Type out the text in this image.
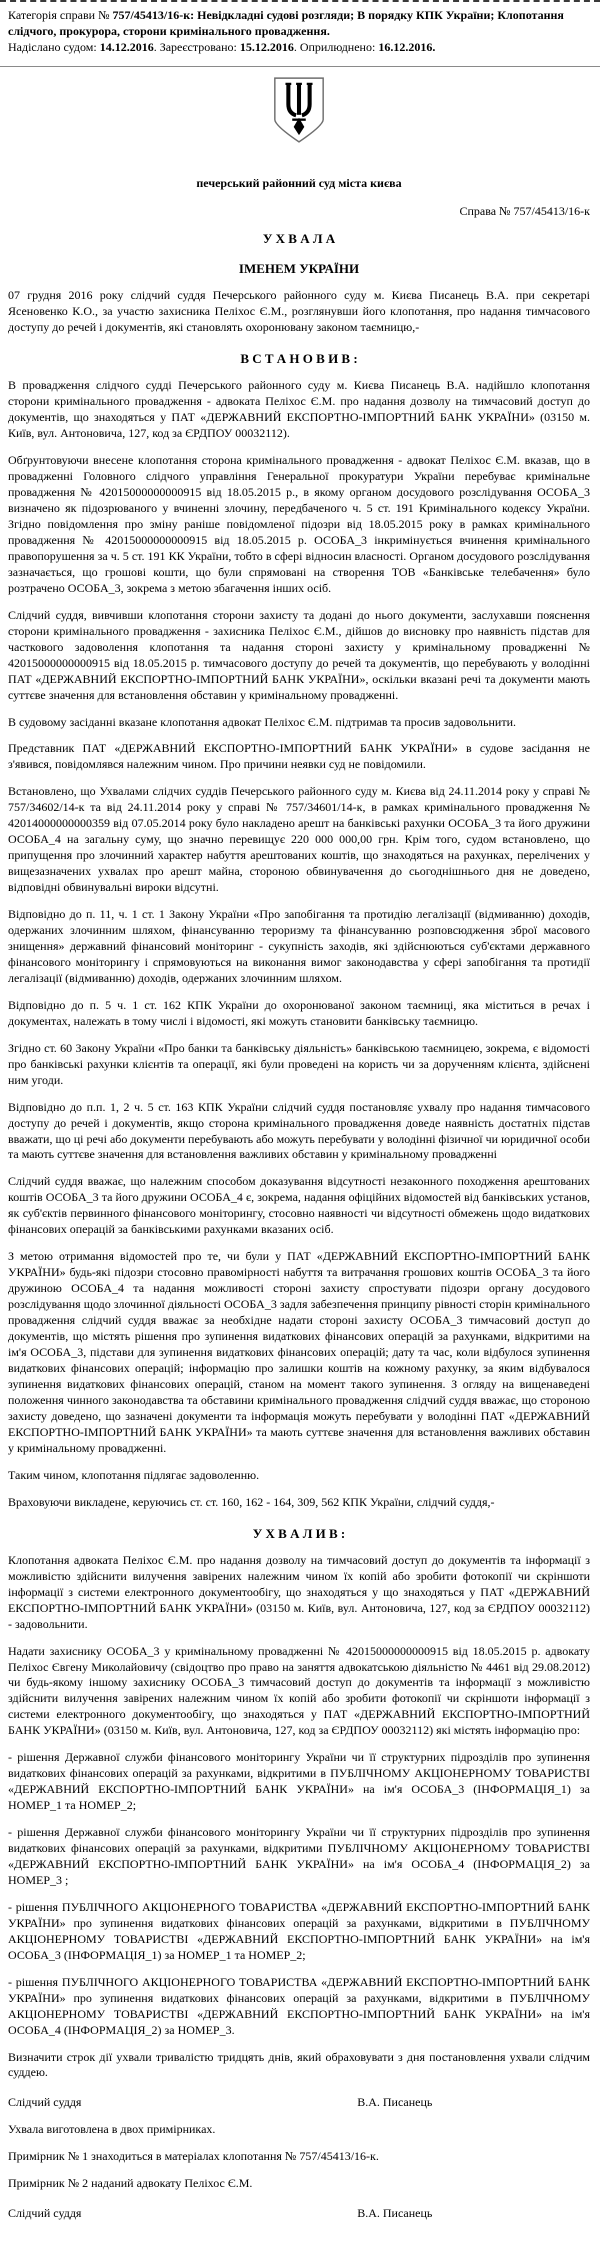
Категорія справи № 757/45413/16-к: Невідкладні судові розгляди; В порядку КПК України; Клопотання слідчого, прокурора, сторони кримінального провадження.

Надіслано судом: 14.12.2016. Зареєстровано: 15.12.2016. Оприлюднено: 16.12.2016.

печерський районний суд міста києва

Справа № 757/45413/16-к

У Х В А Л А

ІМЕНЕМ УКРАЇНИ

07 грудня 2016 року слідчий суддя Печерського районного суду м. Києва Писанець В.А. при секретарі Ясеновенко К.О., за участю захисника Пеліхос Є.М., розглянувши його клопотання, про надання тимчасового доступу до речей і документів, які становлять охоронювану законом таємницю,-

В С Т А Н О В И В :

В провадження слідчого судді Печерського районного суду м. Києва Писанець В.А. надійшло клопотання сторони кримінального провадження - адвоката Пеліхос Є.М. про надання дозволу на тимчасовий доступ до документів, що знаходяться у ПАТ «ДЕРЖАВНИЙ ЕКСПОРТНО-ІМПОРТНИЙ БАНК УКРАЇНИ» (03150 м. Київ, вул. Антоновича, 127, код за ЄРДПОУ 00032112).

Обґрунтовуючи внесене клопотання сторона кримінального провадження - адвокат Пеліхос Є.М. вказав, що в провадженні Головного слідчого управління Генеральної прокуратури України перебуває кримінальне провадження № 42015000000000915 від 18.05.2015 р., в якому органом досудового розслідування ОСОБА_3 визначено як підозрюваного у вчиненні злочину, передбаченого ч. 5 ст. 191 Кримінального кодексу України. Згідно повідомлення про зміну раніше повідомленої підозри від 18.05.2015 року в рамках кримінального провадження № 42015000000000915 від 18.05.2015 р. ОСОБА_3 інкримінується вчинення кримінального правопорушення за ч. 5 ст. 191 КК України, тобто в сфері відносин власності. Органом досудового розслідування зазначається, що грошові кошти, що були спрямовані на створення ТОВ «Банківське телебачення» було розтрачено ОСОБА_3, зокрема з метою збагачення інших осіб.

Слідчий суддя, вивчивши клопотання сторони захисту та додані до нього документи, заслухавши пояснення сторони кримінального провадження - захисника Пеліхос Є.М., дійшов до висновку про наявність підстав для часткового задоволення клопотання та надання стороні захисту у кримінальному провадженні № 42015000000000915 від 18.05.2015 р. тимчасового доступу до речей та документів, що перебувають у володінні ПАТ «ДЕРЖАВНИЙ ЕКСПОРТНО-ІМПОРТНИЙ БАНК УКРАЇНИ», оскільки вказані речі та документи мають суттєве значення для встановлення обставин у кримінальному провадженні.

В судовому засіданні вказане клопотання адвокат Пеліхос Є.М. підтримав та просив задовольнити.

Представник ПАТ «ДЕРЖАВНИЙ ЕКСПОРТНО-ІМПОРТНИЙ БАНК УКРАЇНИ» в судове засідання не з'явився, повідомлявся належним чином. Про причини неявки суд не повідомили.

Встановлено, що Ухвалами слідчих суддів Печерського районного суду м. Києва від 24.11.2014 року у справі № 757/34602/14-к та від 24.11.2014 року у справі № 757/34601/14-к, в рамках кримінального провадження № 42014000000000359 від 07.05.2014 року було накладено арешт на банківські рахунки ОСОБА_3 та його дружини ОСОБА_4 на загальну суму, що значно перевищує 220 000 000,00 грн. Крім того, судом встановлено, що припущення про злочинний характер набуття арештованих коштів, що знаходяться на рахунках, перелічених у вищезазначених ухвалах про арешт майна, стороною обвинувачення до сьогоднішнього дня не доведено, відповідні обвинувальні вироки відсутні.

Відповідно до п. 11, ч. 1 ст. 1 Закону України «Про запобігання та протидію легалізації (відмиванню) доходів, одержаних злочинним шляхом, фінансуванню тероризму та фінансуванню розповсюдження зброї масового знищення» державний фінансовий моніторинг - сукупність заходів, які здійснюються суб'єктами державного фінансового моніторингу і спрямовуються на виконання вимог законодавства у сфері запобігання та протидії легалізації (відмиванню) доходів, одержаних злочинним шляхом.

Відповідно до п. 5 ч. 1 ст. 162 КПК України до охоронюваної законом таємниці, яка міститься в речах і документах, належать в тому числі і відомості, які можуть становити банківську таємницю.

Згідно ст. 60 Закону України «Про банки та банківську діяльність» банківською таємницею, зокрема, є відомості про банківські рахунки клієнтів та операції, які були проведені на користь чи за дорученням клієнта, здійснені ним угоди.

Відповідно до п.п. 1, 2 ч. 5 ст. 163 КПК України слідчий суддя постановляє ухвалу про надання тимчасового доступу до речей і документів, якщо сторона кримінального провадження доведе наявність достатніх підстав вважати, що ці речі або документи перебувають або можуть перебувати у володінні фізичної чи юридичної особи та мають суттєве значення для встановлення важливих обставин у кримінальному провадженні

Слідчий суддя вважає, що належним способом доказування відсутності незаконного походження арештованих коштів ОСОБА_3 та його дружини ОСОБА_4 є, зокрема, надання офіційних відомостей від банківських установ, як суб'єктів первинного фінансового моніторингу, стосовно наявності чи відсутності обмежень щодо видаткових фінансових операцій за банківськими рахунками вказаних осіб.

З метою отримання відомостей про те, чи були у ПАТ «ДЕРЖАВНИЙ ЕКСПОРТНО-ІМПОРТНИЙ БАНК УКРАЇНИ» будь-які підозри стосовно правомірності набуття та витрачання грошових коштів ОСОБА_3 та його дружиною ОСОБА_4 та надання можливості стороні захисту спростувати підозри органу досудового розслідування щодо злочинної діяльності ОСОБА_3 задля забезпечення принципу рівності сторін кримінального провадження слідчий суддя вважає за необхідне надати стороні захисту ОСОБА_3 тимчасовий доступ до документів, що містять рішення про зупинення видаткових фінансових операцій за рахунками, відкритими на ім'я ОСОБА_3, підстави для зупинення видаткових фінансових операцій; дату та час, коли відбулося зупинення видаткових фінансових операцій; інформацію про залишки коштів на кожному рахунку, за яким відбувалося зупинення видаткових фінансових операцій, станом на момент такого зупинення. З огляду на вищенаведені положення чинного законодавства та обставини кримінального провадження слідчий суддя вважає, що стороною захисту доведено, що зазначені документи та інформація можуть перебувати у володінні ПАТ «ДЕРЖАВНИЙ ЕКСПОРТНО-ІМПОРТНИЙ БАНК УКРАЇНИ» та мають суттєве значення для встановлення важливих обставин у кримінальному провадженні.

Таким чином, клопотання підлягає задоволенню.

Враховуючи викладене, керуючись ст. ст. 160, 162 - 164, 309, 562 КПК України, слідчий суддя,-

У Х В А Л И В :

Клопотання адвоката Пеліхос Є.М. про надання дозволу на тимчасовий доступ до документів та інформації з можливістю здійснити вилучення завірених належним чином їх копій або зробити фотокопії чи скріншоти інформації з системи електронного документообігу, що знаходяться у що знаходяться у ПАТ «ДЕРЖАВНИЙ ЕКСПОРТНО-ІМПОРТНИЙ БАНК УКРАЇНИ» (03150 м. Київ, вул. Антоновича, 127, код за ЄРДПОУ 00032112) - задовольнити.

Надати захиснику ОСОБА_3 у кримінальному провадженні № 42015000000000915 від 18.05.2015 р. адвокату Пеліхос Євгену Миколайовичу (свідоцтво про право на заняття адвокатською діяльністю № 4461 від 29.08.2012) чи будь-якому іншому захиснику ОСОБА_3 тимчасовий доступ до документів та інформації з можливістю здійснити вилучення завірених належним чином їх копій або зробити фотокопії чи скріншоти інформації з системи електронного документообігу, що знаходяться у ПАТ «ДЕРЖАВНИЙ ЕКСПОРТНО-ІМПОРТНИЙ БАНК УКРАЇНИ» (03150 м. Київ, вул. Антоновича, 127, код за ЄРДПОУ 00032112) які містять інформацію про:

- рішення Державної служби фінансового моніторингу України чи її структурних підрозділів про зупинення видаткових фінансових операцій за рахунками, відкритими в ПУБЛІЧНОМУ АКЦІОНЕРНОМУ ТОВАРИСТВІ «ДЕРЖАВНИЙ ЕКСПОРТНО-ІМПОРТНИЙ БАНК УКРАЇНИ» на ім'я ОСОБА_3 (ІНФОРМАЦІЯ_1) за НОМЕР_1 та НОМЕР_2;

- рішення Державної служби фінансового моніторингу України чи її структурних підрозділів про зупинення видаткових фінансових операцій за рахунками, відкритими ПУБЛІЧНОМУ АКЦІОНЕРНОМУ ТОВАРИСТВІ «ДЕРЖАВНИЙ ЕКСПОРТНО-ІМПОРТНИЙ БАНК УКРАЇНИ» на ім'я ОСОБА_4 (ІНФОРМАЦІЯ_2) за НОМЕР_3 ;

- рішення ПУБЛІЧНОГО АКЦІОНЕРНОГО ТОВАРИСТВА «ДЕРЖАВНИЙ ЕКСПОРТНО-ІМПОРТНИЙ БАНК УКРАЇНИ» про зупинення видаткових фінансових операцій за рахунками, відкритими в ПУБЛІЧНОМУ АКЦІОНЕРНОМУ ТОВАРИСТВІ «ДЕРЖАВНИЙ ЕКСПОРТНО-ІМПОРТНИЙ БАНК УКРАЇНИ» на ім'я ОСОБА_3 (ІНФОРМАЦІЯ_1) за НОМЕР_1 та НОМЕР_2;

- рішення ПУБЛІЧНОГО АКЦІОНЕРНОГО ТОВАРИСТВА «ДЕРЖАВНИЙ ЕКСПОРТНО-ІМПОРТНИЙ БАНК УКРАЇНИ» про зупинення видаткових фінансових операцій за рахунками, відкритими в ПУБЛІЧНОМУ АКЦІОНЕРНОМУ ТОВАРИСТВІ «ДЕРЖАВНИЙ ЕКСПОРТНО-ІМПОРТНИЙ БАНК УКРАЇНИ» на ім'я ОСОБА_4 (ІНФОРМАЦІЯ_2) за НОМЕР_3.

Визначити строк дії ухвали тривалістю тридцять днів, який обраховувати з дня постановлення ухвали слідчим суддею.

Слідчий суддя	В.А. Писанець

Ухвала виготовлена в двох примірниках.

Примірник № 1 знаходиться в матеріалах клопотання № 757/45413/16-к.

Примірник № 2 наданий адвокату Пеліхос Є.М.

Слідчий суддя	В.А. Писанець
